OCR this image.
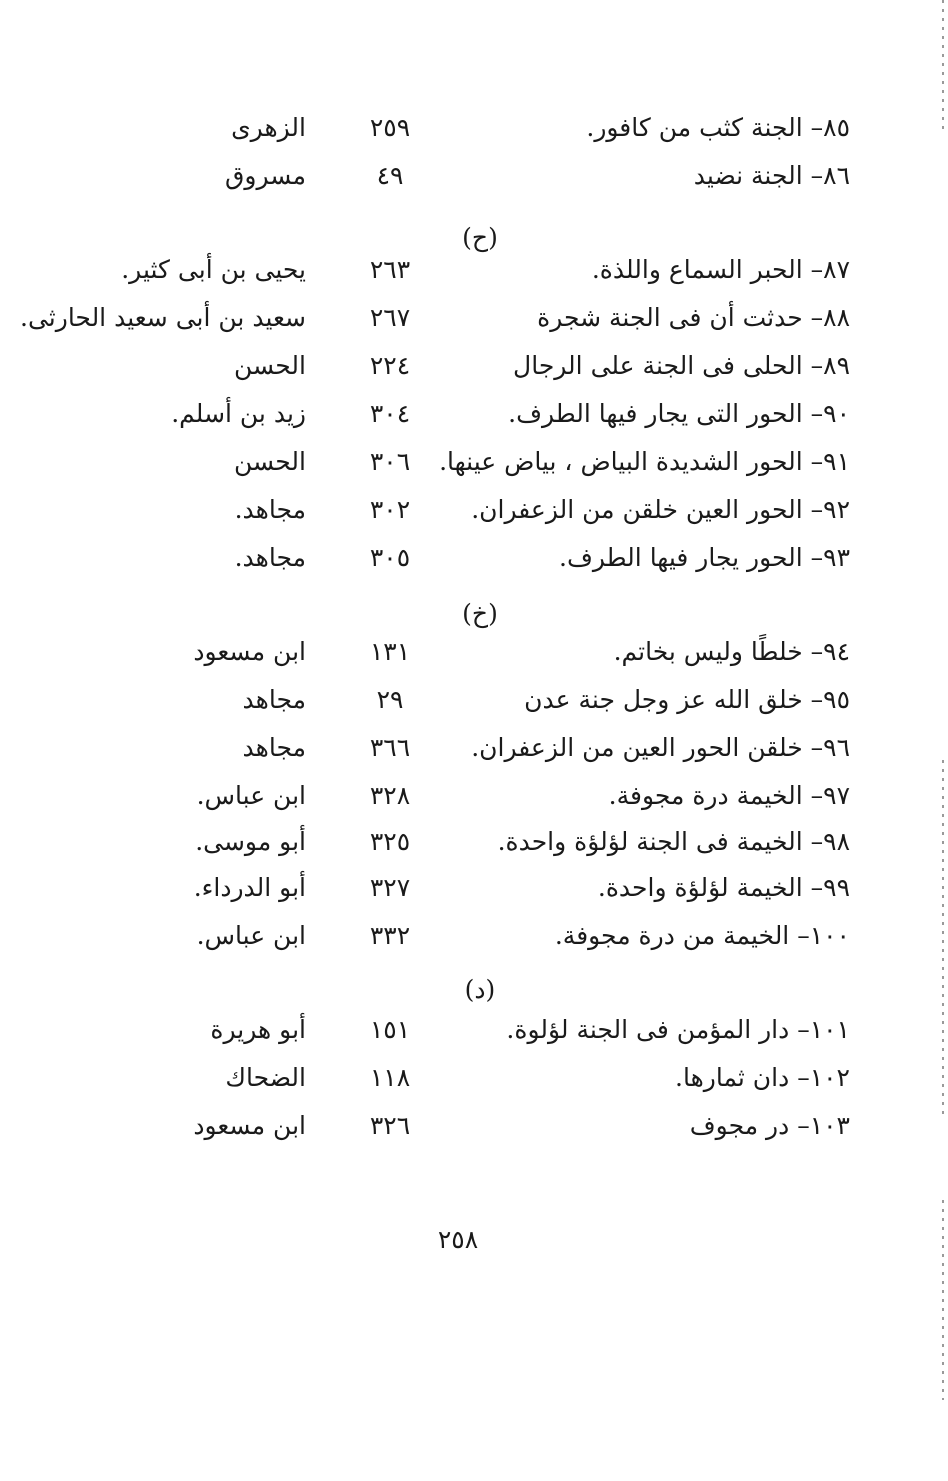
٨٥– الجنة كثب من كافور.
٢٥٩
الزهرى
٨٦– الجنة نضيد
٤٩
مسروق
(ح)
٨٧– الحبر السماع واللذة.
٢٦٣
يحيى بن أبى كثير.
٨٨– حدثت أن فى الجنة شجرة
٢٦٧
سعيد بن أبى سعيد الحارثى.
٨٩– الحلى فى الجنة على الرجال
٢٢٤
الحسن
٩٠– الحور التى يجار فيها الطرف.
٣٠٤
زيد بن أسلم.
٩١– الحور الشديدة البياض ، بياض عينها.
٣٠٦
الحسن
٩٢– الحور العين خلقن من الزعفران.
٣٠٢
مجاهد.
٩٣– الحور يجار فيها الطرف.
٣٠٥
مجاهد.
(خ)
٩٤– خلطًا وليس بخاتم.
١٣١
ابن مسعود
٩٥– خلق الله عز وجل جنة عدن
٢٩
مجاهد
٩٦– خلقن الحور العين من الزعفران.
٣٦٦
مجاهد
٩٧– الخيمة درة مجوفة.
٣٢٨
ابن عباس.
٩٨– الخيمة فى الجنة لؤلؤة واحدة.
٣٢٥
أبو موسى.
٩٩– الخيمة لؤلؤة واحدة.
٣٢٧
أبو الدرداء.
١٠٠– الخيمة من درة مجوفة.
٣٣٢
ابن عباس.
(د)
١٠١– دار المؤمن فى الجنة لؤلوة.
١٥١
أبو هريرة
١٠٢– دان ثمارها.
١١٨
الضحاك
١٠٣– در مجوف
٣٢٦
ابن مسعود
٢٥٨
